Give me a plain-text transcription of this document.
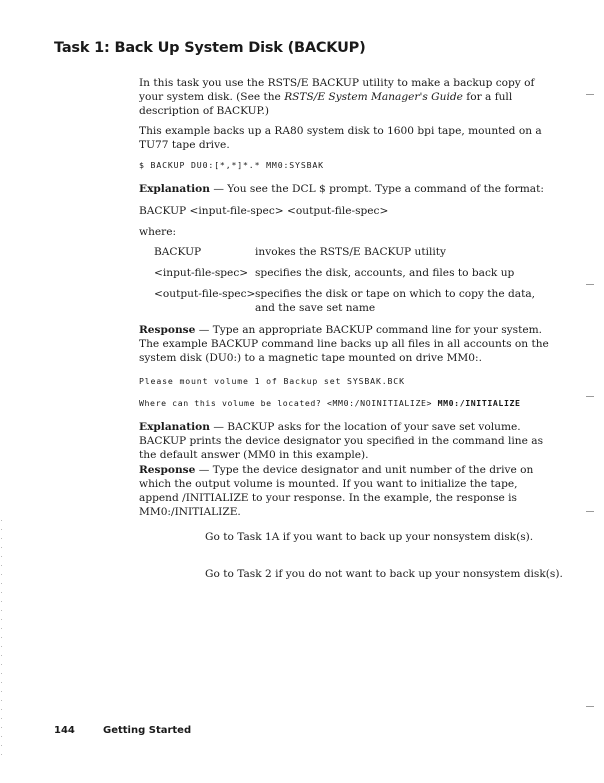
Task 1: Back Up System Disk (BACKUP)

In this task you use the RSTS/E BACKUP utility to make a backup copy of your system disk. (See the RSTS/E System Manager's Guide for a full description of BACKUP.)

This example backs up a RA80 system disk to 1600 bpi tape, mounted on a TU77 tape drive.

$ BACKUP DU0:[*,*]*.* MM0:SYSBAK

Explanation — You see the DCL $ prompt. Type a command of the format:

BACKUP <input-file-spec> <output-file-spec>

where:

BACKUP	invokes the RSTS/E BACKUP utility
<input-file-spec> specifies the disk, accounts, and files to back up
<output-file-spec> specifies the disk or tape on which to copy the data, and the save set name

Response — Type an appropriate BACKUP command line for your system. The example BACKUP command line backs up all files in all accounts on the system disk (DU0:) to a magnetic tape mounted on drive MM0:.

Please mount volume 1 of Backup set SYSBAK.BCK

Where can this volume be located? <MM0:/NOINITIALIZE> MM0:/INITIALIZE

Explanation — BACKUP asks for the location of your save set volume. BACKUP prints the device designator you specified in the command line as the default answer (MM0 in this example).

Response — Type the device designator and unit number of the drive on which the output volume is mounted. If you want to initialize the tape, append /INITIALIZE to your response. In the example, the response is MM0:/INITIALIZE.

Go to Task 1A if you want to back up your nonsystem disk(s).
Go to Task 2 if you do not want to back up your nonsystem disk(s).
144	Getting Started
